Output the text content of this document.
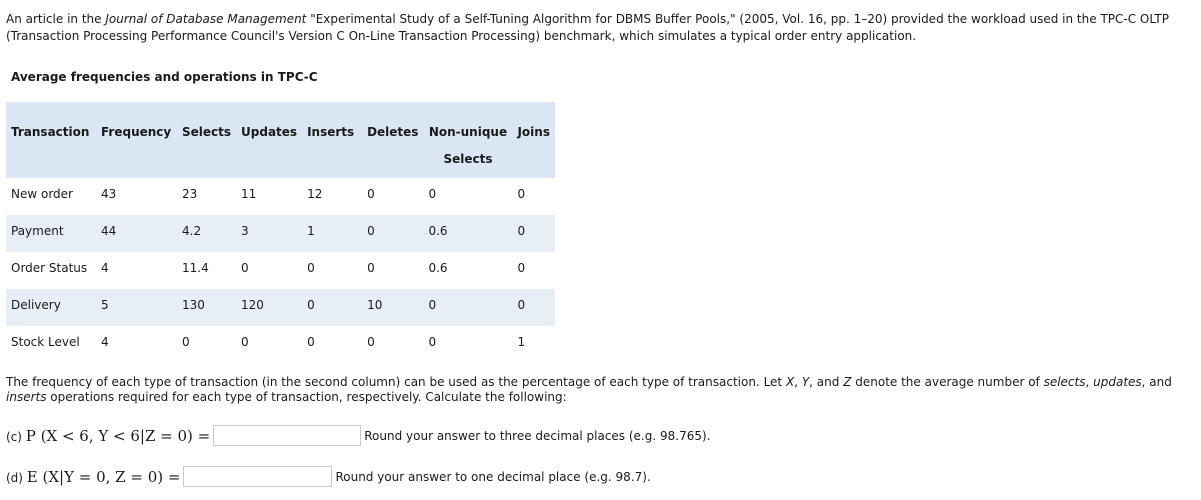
An article in the Journal of Database Management "Experimental Study of a Self-Tuning Algorithm for DBMS Buffer Pools," (2005, Vol. 16, pp. 1–20) provided the workload used in the TPC-C OLTP (Transaction Processing Performance Council's Version C On-Line Transaction Processing) benchmark, which simulates a typical order entry application.
Average frequencies and operations in TPC-C
Transaction	Frequency	Selects	Updates	Inserts	Deletes	Non-unique Selects	Joins
New order	43	23	11	12	0	0	0
Payment	44	4.2	3	1	0	0.6	0
Order Status	4	11.4	0	0	0	0.6	0
Delivery	5	130	120	0	10	0	0
Stock Level	4	0	0	0	0	0	1
The frequency of each type of transaction (in the second column) can be used as the percentage of each type of transaction. Let X, Y, and Z denote the average number of selects, updates, and inserts operations required for each type of transaction, respectively. Calculate the following:
(c) P (X < 6, Y < 6|Z = 0) =	Round your answer to three decimal places (e.g. 98.765).
(d) E (X|Y = 0, Z = 0) =	Round your answer to one decimal place (e.g. 98.7).
